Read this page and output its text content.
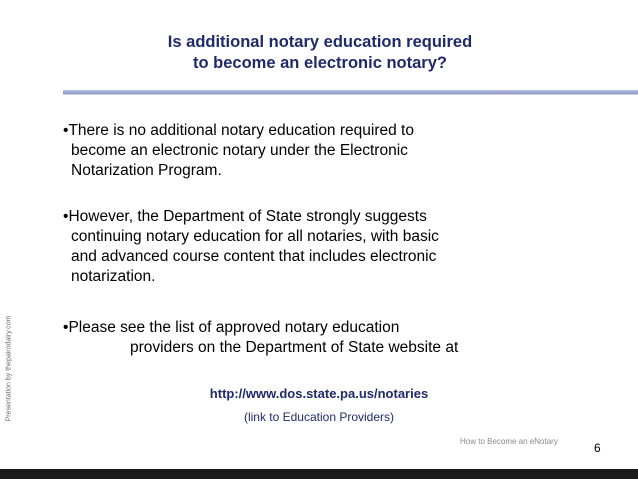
Is additional notary education required
to become an electronic notary?
Presentation by thepairodairy.com
•There is no additional notary education required to
become an electronic notary under the Electronic
Notarization Program.
•However, the Department of State strongly suggests
continuing notary education for all notaries, with basic
and advanced course content that includes electronic
notarization.
•Please see the list of approved notary education
providers on the Department of State website at
http://www.dos.state.pa.us/notaries
(link to Education Providers)
How to Become an eNotary	6
